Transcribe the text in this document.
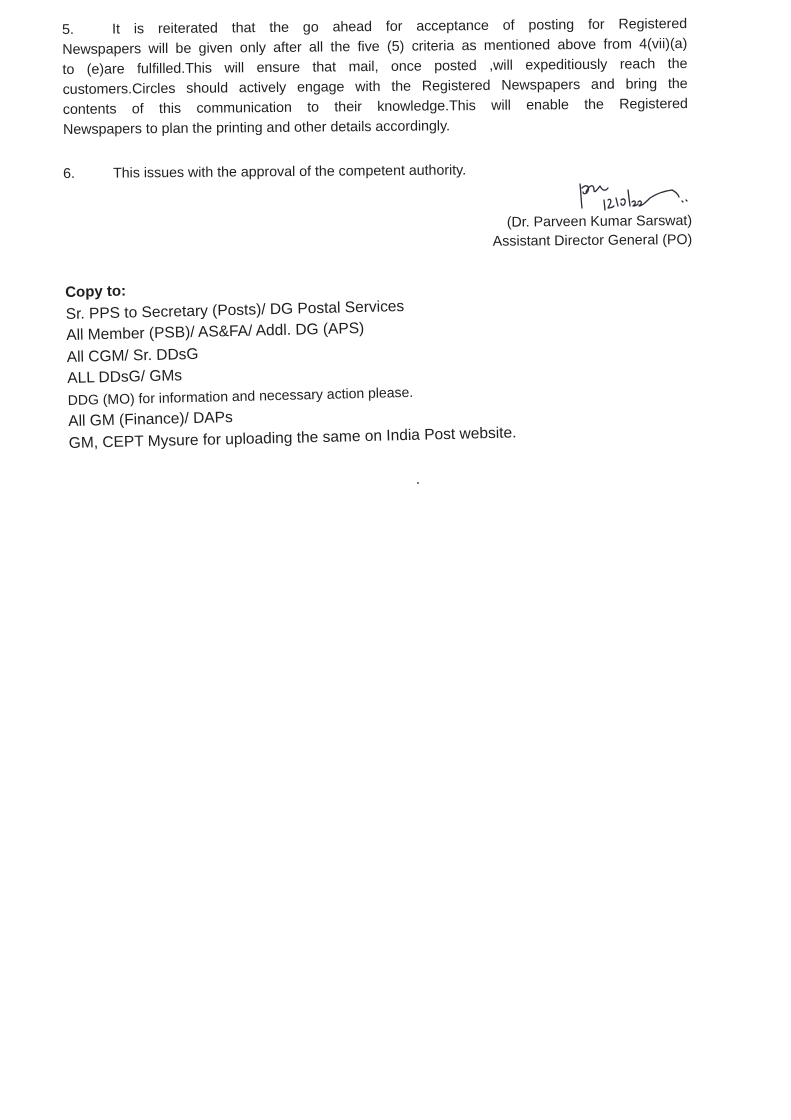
5.	It is reiterated that the go ahead for acceptance of posting for Registered
Newspapers will be given only after all the five (5) criteria as mentioned above from 4(vii)(a)
to (e)are fulfilled.This will ensure that mail, once posted ,will expeditiously reach the
customers.Circles should actively engage with the Registered Newspapers and bring the
contents of this communication to their knowledge.This will enable the Registered
Newspapers to plan the printing and other details accordingly.
6.	This issues with the approval of the competent authority.
(Dr. Parveen Kumar Sarswat)
Assistant Director General (PO)
Copy to:
Sr. PPS to Secretary (Posts)/ DG Postal Services
All Member (PSB)/ AS&FA/ Addl. DG (APS)
All CGM/ Sr. DDsG
ALL DDsG/ GMs
DDG (MO) for information and necessary action please.
All GM (Finance)/ DAPs
GM, CEPT Mysure for uploading the same on India Post website.
